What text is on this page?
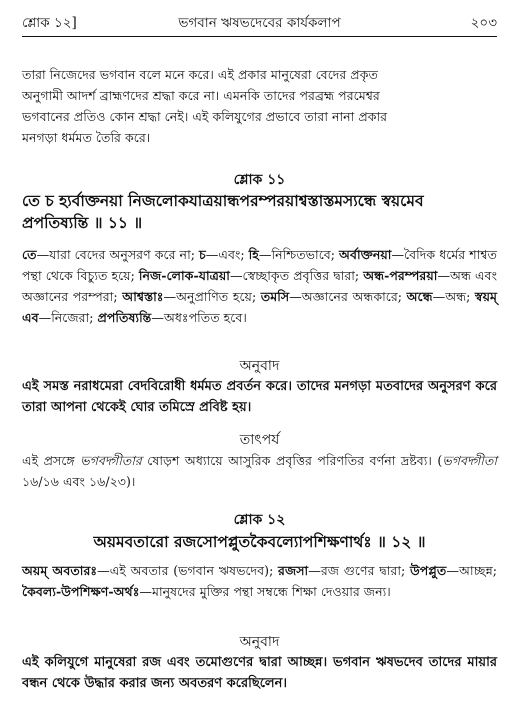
শ্লোক ১২]	ভগবান ঋষভদেবের কার্যকলাপ	২০৩
তারা নিজেদের ভগবান বলে মনে করে। এই প্রকার মানুষেরা বেদের প্রকৃত
অনুগামী আদর্শ ব্রাহ্মণদের শ্রদ্ধা করে না। এমনকি তাদের পরব্রহ্ম পরমেশ্বর
ভগবানের প্রতিও কোন শ্রদ্ধা নেই। এই কলিযুগের প্রভাবে তারা নানা প্রকার
মনগড়া ধর্মমত তৈরি করে।
শ্লোক ১১
তে চ হ্যর্বাক্তনয়া নিজলোকযাত্রয়ান্ধপরম্পরয়াশ্বস্তাস্তমস্যন্ধে স্বয়মেব
প্রপতিষ্যন্তি ॥ ১১ ॥
তে—যারা বেদের অনুসরণ করে না; চ—এবং; হি—নিশ্চিতভাবে; অর্বাক্তনয়া—বৈদিক ধর্মের শাশ্বত পন্থা থেকে বিচ্যুত হয়ে; নিজ-লোক-যাত্রয়া—স্বেচ্ছাকৃত প্রবৃত্তির দ্বারা; অন্ধ-পরম্পরয়া—অন্ধ এবং অজ্ঞানের পরম্পরা; আশ্বস্তাঃ—অনুপ্রাণিত হয়ে; তমসি—অজ্ঞানের অন্ধকারে; অন্ধে—অন্ধ; স্বয়ম্ এব—নিজেরা; প্রপতিষ্যন্তি—অধঃপতিত হবে।
অনুবাদ
এই সমস্ত নরাধমেরা বেদবিরোধী ধর্মমত প্রবর্তন করে। তাদের মনগড়া মতবাদের অনুসরণ করে তারা আপনা থেকেই ঘোর তমিস্রে প্রবিষ্ট হয়।
তাৎপর্য
এই প্রসঙ্গে ভগবদ্গীতার ষোড়শ অধ্যায়ে আসুরিক প্রবৃত্তির পরিণতির বর্ণনা দ্রষ্টব্য। (ভগবদ্গীতা ১৬/১৬ এবং ১৬/২৩)।
শ্লোক ১২
অয়মবতারো রজসোপপ্লুতকৈবল্যোপশিক্ষণার্থঃ ॥ ১২ ॥
অয়ম্ অবতারঃ—এই অবতার (ভগবান ঋষভদেব); রজসা—রজ গুণের দ্বারা; উপপ্লুত—আচ্ছন্ন; কৈবল্য-উপশিক্ষণ-অর্থঃ—মানুষদের মুক্তির পন্থা সম্বন্ধে শিক্ষা দেওয়ার জন্য।
অনুবাদ
এই কলিযুগে মানুষেরা রজ এবং তমোগুণের দ্বারা আচ্ছন্ন। ভগবান ঋষভদেব তাদের মায়ার বন্ধন থেকে উদ্ধার করার জন্য অবতরণ করেছিলেন।
